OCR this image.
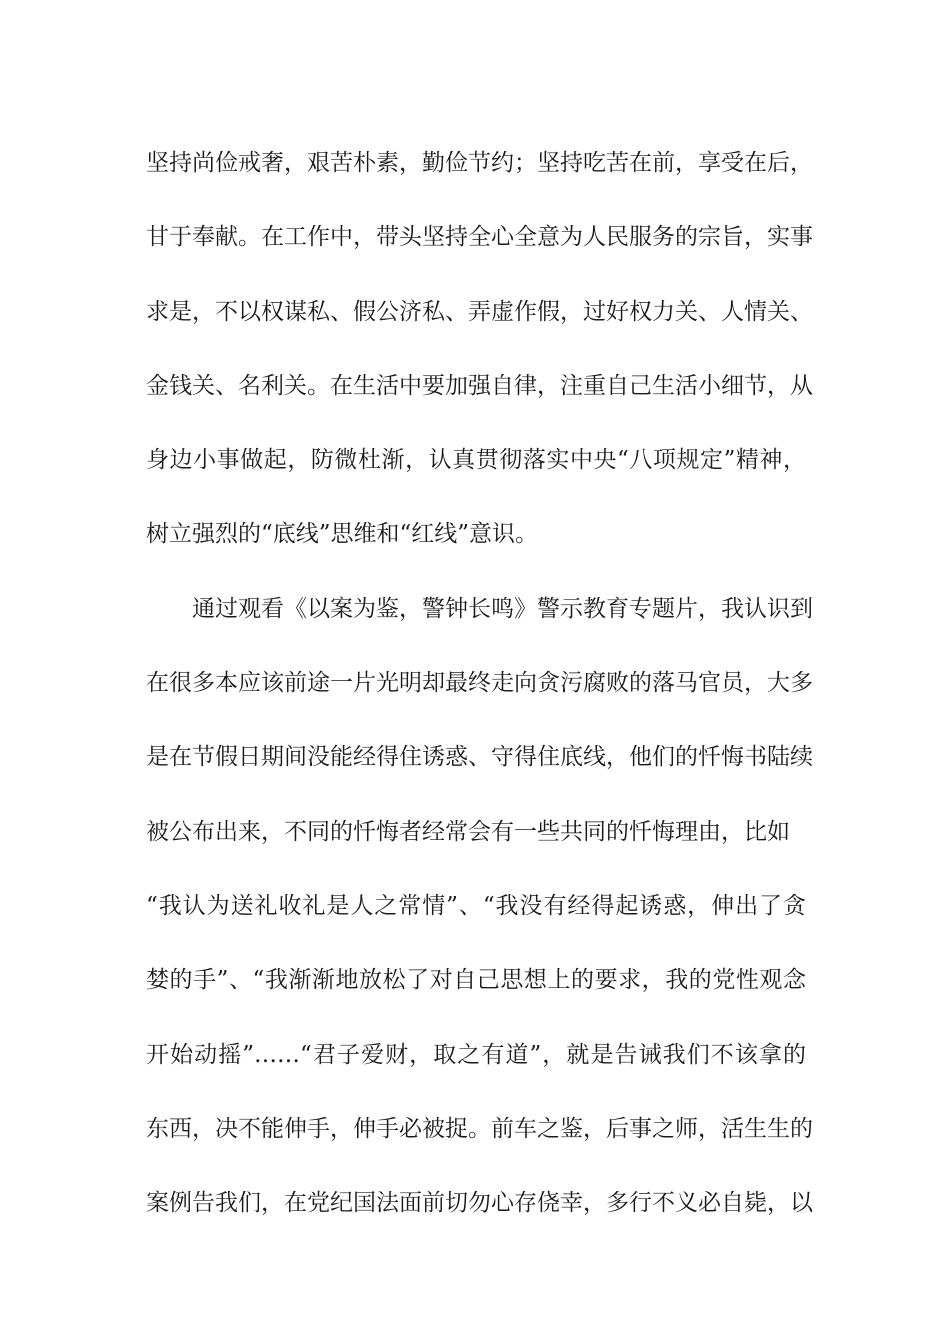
坚持尚俭戒奢，艰苦朴素，勤俭节约；坚持吃苦在前，享受在后，
甘于奉献。在工作中，带头坚持全心全意为人民服务的宗旨，实事
求是，不以权谋私、假公济私、弄虚作假，过好权力关、人情关、
金钱关、名利关。在生活中要加强自律，注重自己生活小细节，从
身边小事做起，防微杜渐，认真贯彻落实中央“八项规定”精神，
树立强烈的“底线”思维和“红线”意识。
通过观看《以案为鉴，警钟长鸣》警示教育专题片，我认识到
在很多本应该前途一片光明却最终走向贪污腐败的落马官员，大多
是在节假日期间没能经得住诱惑、守得住底线，他们的忏悔书陆续
被公布出来，不同的忏悔者经常会有一些共同的忏悔理由，比如
“我认为送礼收礼是人之常情”、“我没有经得起诱惑，伸出了贪
婪的手”、“我渐渐地放松了对自己思想上的要求，我的党性观念
开始动摇”……“君子爱财，取之有道”，就是告诫我们不该拿的
东西，决不能伸手，伸手必被捉。前车之鉴，后事之师，活生生的
案例告我们，在党纪国法面前切勿心存侥幸，多行不义必自毙，以
